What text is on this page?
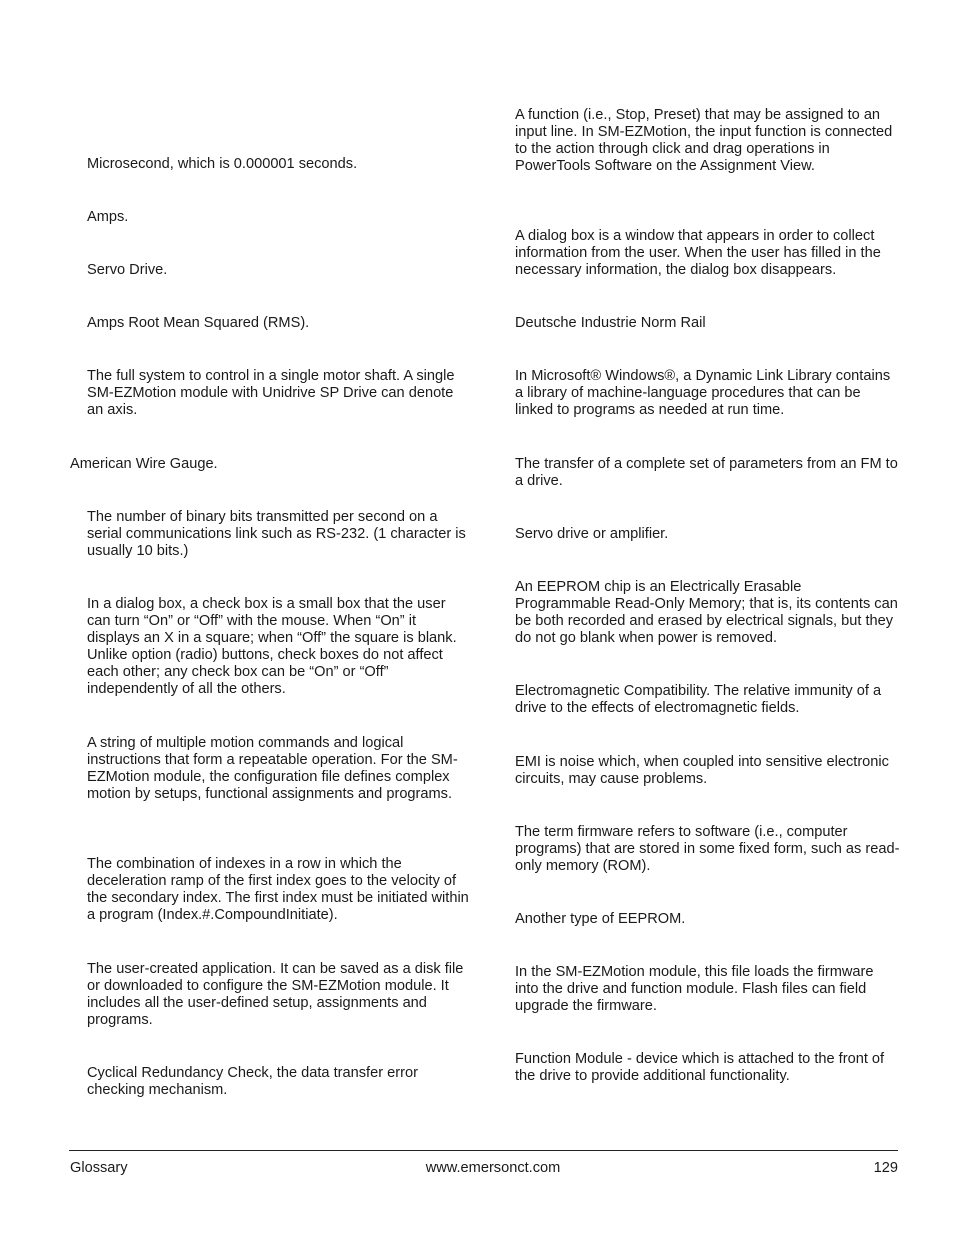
Microsecond, which is 0.000001 seconds.

Amps.

Servo Drive.

Amps Root Mean Squared (RMS).

The full system to control in a single motor shaft. A single SM-EZMotion module with Unidrive SP Drive can denote an axis.

American Wire Gauge.

The number of binary bits transmitted per second on a serial communications link such as RS-232. (1 character is usually 10 bits.)

In a dialog box, a check box is a small box that the user can turn “On” or “Off” with the mouse. When “On” it displays an X in a square; when “Off” the square is blank. Unlike option (radio) buttons, check boxes do not affect each other; any check box can be “On” or “Off” independently of all the others.

A string of multiple motion commands and logical instructions that form a repeatable operation. For the SM-EZMotion module, the configuration file defines complex motion by setups, functional assignments and programs.

The combination of indexes in a row in which the deceleration ramp of the first index goes to the velocity of the secondary index. The first index must be initiated within a program (Index.#.CompoundInitiate).

The user-created application. It can be saved as a disk file or downloaded to configure the SM-EZMotion module. It includes all the user-defined setup, assignments and programs.

Cyclical Redundancy Check, the data transfer error checking mechanism.

A function (i.e., Stop, Preset) that may be assigned to an input line. In SM-EZMotion, the input function is connected to the action through click and drag operations in PowerTools Software on the Assignment View.

A dialog box is a window that appears in order to collect information from the user. When the user has filled in the necessary information, the dialog box disappears.

Deutsche Industrie Norm Rail

In Microsoft® Windows®, a Dynamic Link Library contains a library of machine-language procedures that can be linked to programs as needed at run time.

The transfer of a complete set of parameters from an FM to a drive.

Servo drive or amplifier.

An EEPROM chip is an Electrically Erasable Programmable Read-Only Memory; that is, its contents can be both recorded and erased by electrical signals, but they do not go blank when power is removed.

Electromagnetic Compatibility. The relative immunity of a drive to the effects of electromagnetic fields.

EMI is noise which, when coupled into sensitive electronic circuits, may cause problems.

The term firmware refers to software (i.e., computer programs) that are stored in some fixed form, such as read-only memory (ROM).

Another type of EEPROM.

In the SM-EZMotion module, this file loads the firmware into the drive and function module. Flash files can field upgrade the firmware.

Function Module - device which is attached to the front of the drive to provide additional functionality.

Glossary	www.emersonct.com	129
